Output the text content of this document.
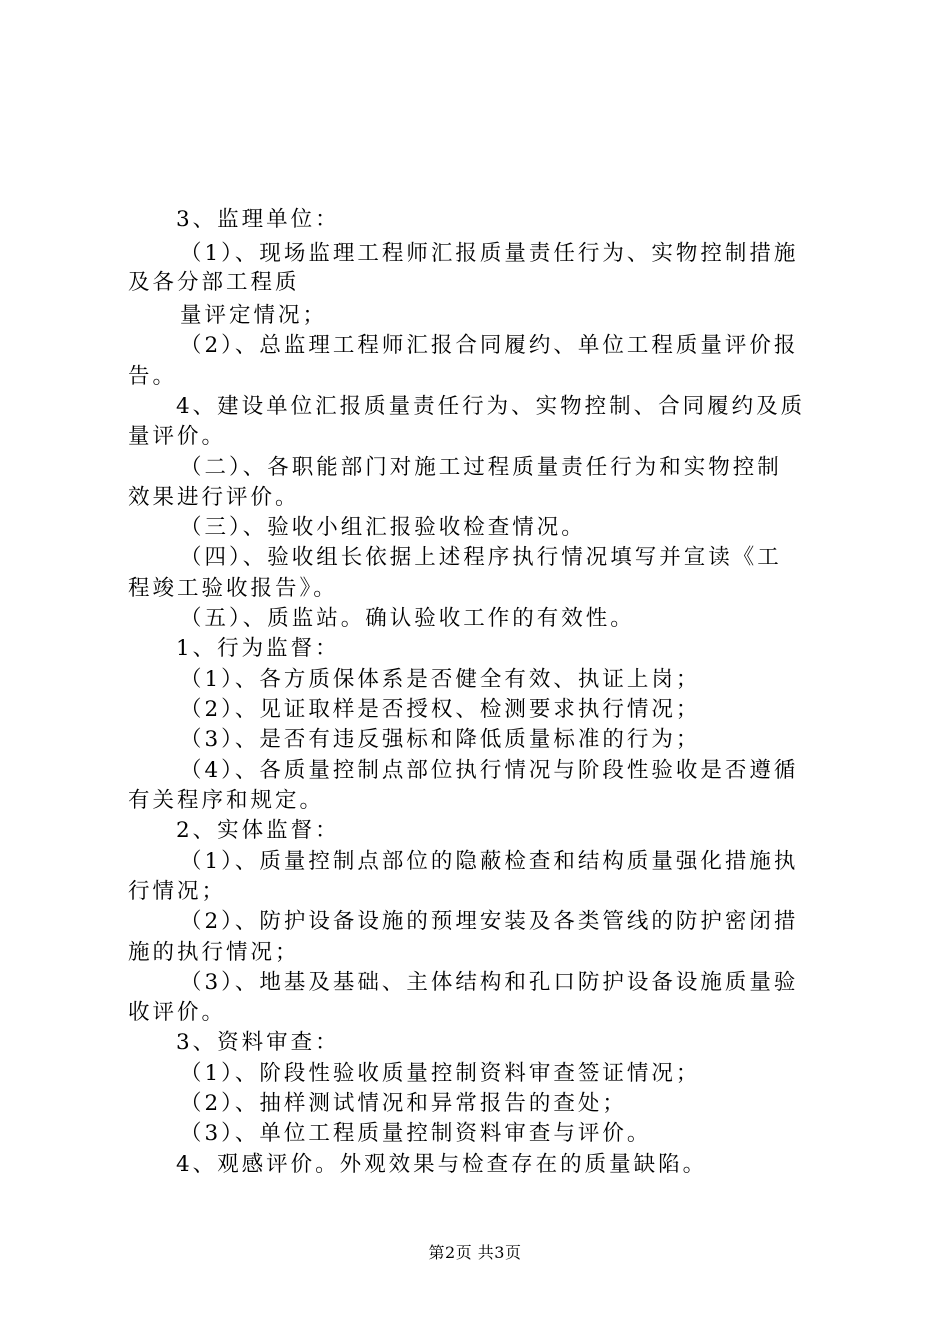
3、监理单位：
（1）、现场监理工程师汇报质量责任行为、实物控制措施
及各分部工程质
量评定情况；
（2）、总监理工程师汇报合同履约、单位工程质量评价报
告。
4、建设单位汇报质量责任行为、实物控制、合同履约及质
量评价。
（二）、各职能部门对施工过程质量责任行为和实物控制
效果进行评价。
（三）、验收小组汇报验收检查情况。
（四）、验收组长依据上述程序执行情况填写并宣读《工
程竣工验收报告》。
（五）、质监站。确认验收工作的有效性。
1、行为监督：
（1）、各方质保体系是否健全有效、执证上岗；
（2）、见证取样是否授权、检测要求执行情况；
（3）、是否有违反强标和降低质量标准的行为；
（4）、各质量控制点部位执行情况与阶段性验收是否遵循
有关程序和规定。
2、实体监督：
（1）、质量控制点部位的隐蔽检查和结构质量强化措施执
行情况；
（2）、防护设备设施的预埋安装及各类管线的防护密闭措
施的执行情况；
（3）、地基及基础、主体结构和孔口防护设备设施质量验
收评价。
3、资料审查：
（1）、阶段性验收质量控制资料审查签证情况；
（2）、抽样测试情况和异常报告的查处；
（3）、单位工程质量控制资料审查与评价。
4、观感评价。外观效果与检查存在的质量缺陷。
第2页 共3页
